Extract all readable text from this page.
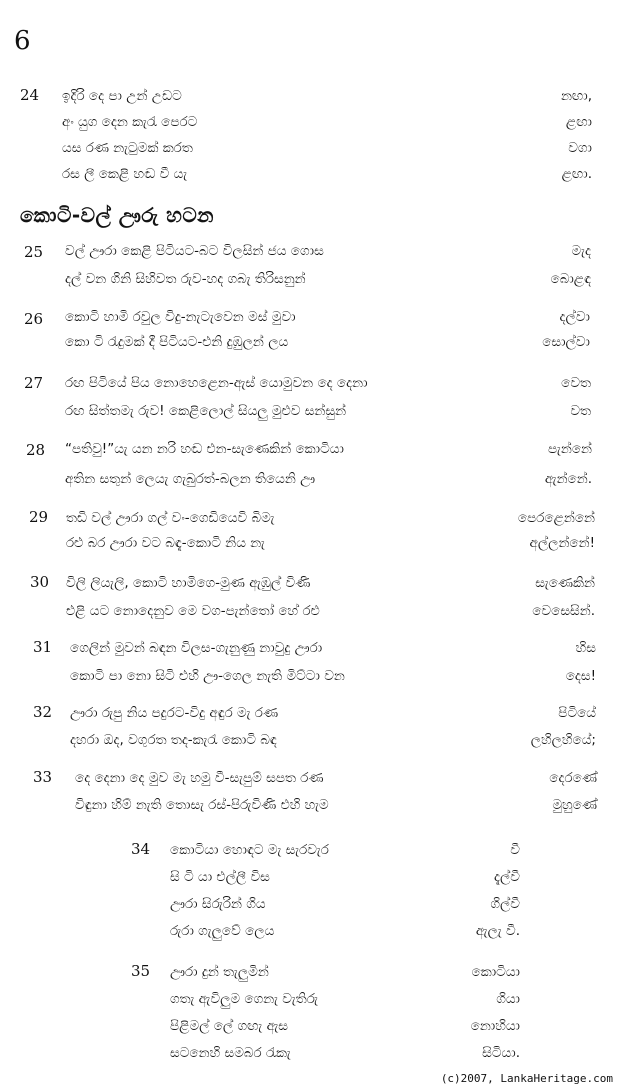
6
කොටි-වල් ඌරු හටන
24 ඉදිරි දෙ පා උන් උඩට	නඟා,
අං යුග දෙන කැරැ පෙරට	ළඟා
යස රණ නැටුමක් කරත	වගා
රස ලී කෙළි හඬ වී යැ	ළඟා.
25 වල් ඌරා කෙළි පිටියට-බට විලසින් ජය ගොස	මැද
දල් වන ගිනි සිහිවත රුව-හද ගබැ තිරිසනුන්	බොළඳ
26 කොටි හාමි රවුල විදු-නැටැවෙන මස් මුවා	දල්වා
කො ටි රැදුමක් දී පිටියට-එනි දුඹුලන් ලය	සොල්වා
27 රඟ පිටියේ පිය නොහෙළෙන-ඇස් යොමුවන දෙ දෙනා	වෙත
රඟ සිත්තමැ රුව! කෙළිලොල් සියලු මුළුව සන්සුන්	වත
28 “පතිවු!”යැ යන නරි හඬ එන-සැණෙකින් කොටියා	පැන්නේ
අතින සතුන් ලෙයැ ගැබුරත්-බලන තියෙනි ඌ	ඇන්නේ.
29 තඩි වල් ඌරා ගල් වං-ගෙඩියෙවි බිමැ	පෙරළෙන්නේ
රළු බර ඌරා වට බඳැ-කොටි නිය නැ	අල්ලන්නේ!
30 විලි ලියැලි, කොටි හාමිගෙ-මුණ ඇඹුල් විණි	සැණෙකින්
එළි යට නොදෙනුව මෙ වග-පැන්තෝ හේ රළු	වෙසෙසින්.
31 ගෙලින් මුවන් බඳන විලස-ගැනුණු නාවුදු ඌරා	හිස
කොටි පා නො සිටි එහි ඌ-ගෙල නැති මිට්ටා වන	දෙස!
32 ඌරා රුපු නිය පදුරට-විදු අඳුර මැ රණ	පිටියේ
දහරා ඔද, වගුරත තද-කැරැ කොටි බඳ	ලහිලහියේ;
33 දෙ දෙනා දෙ මුව මැ හමු වී-සැපුම් සපත රණ	දෙරණේ
විඳුනා හිම් නැති තොසැ රස්-පිරුවිණි එහි හැම	මුහුණේ
34 කොටියා හොඳට මැ සැරවැර	වී
සි ටි යා එල්ලී විස	දැල්වී
ඌරා සිරුරින් ගිය	ගිල්වී
රුරා ගැලුවේ ලෙය	ඇලැ වී.
35 ඌරා දුන් තැලුමින්	කොටියා
ගතැ ඇවිලුම ගෙනැ වැතිරු	ගියා
පිළිමල් ලේ ගඟැ ඇස	නොහියා
සටනෙහි සමබර රැකැ	සිටියා.
(c)2007, LankaHeritage.com
